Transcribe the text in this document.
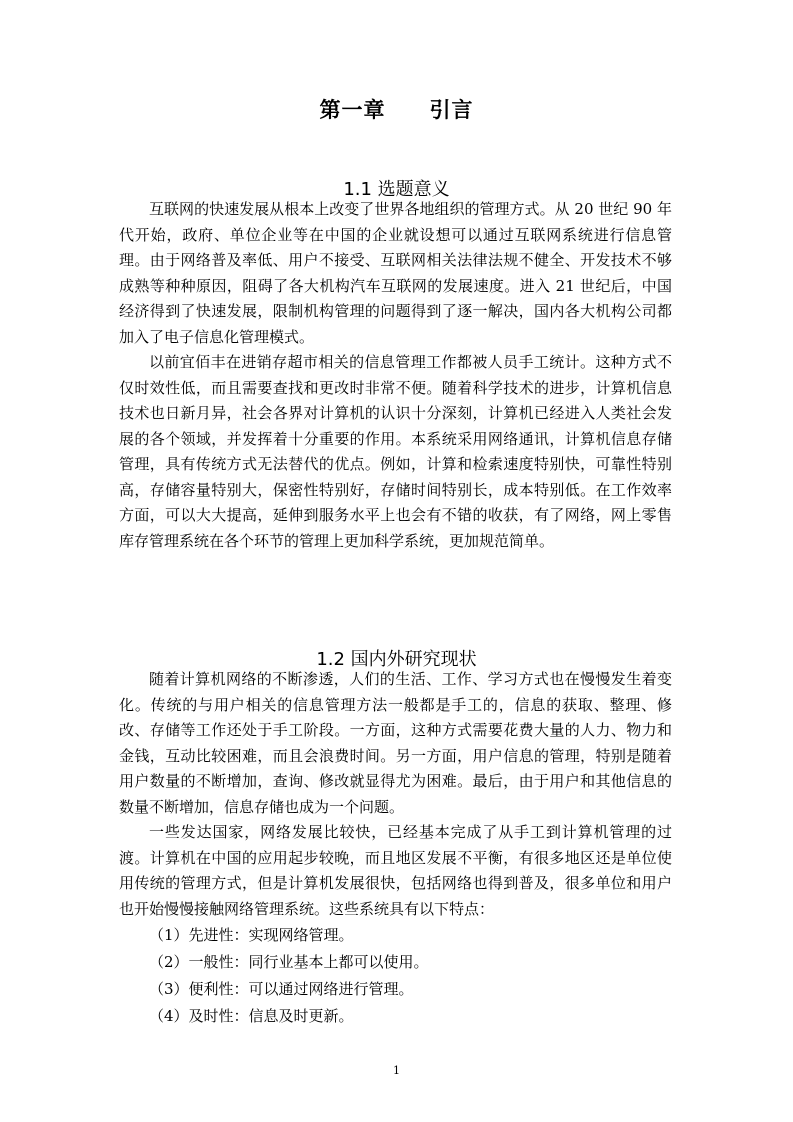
第一章　　引言
1.1 选题意义

互联网的快速发展从根本上改变了世界各地组织的管理方式。从 20 世纪 90 年代开始，政府、单位企业等在中国的企业就设想可以通过互联网系统进行信息管理。由于网络普及率低、用户不接受、互联网相关法律法规不健全、开发技术不够成熟等种种原因，阻碍了各大机构汽车互联网的发展速度。进入 21 世纪后，中国经济得到了快速发展，限制机构管理的问题得到了逐一解决，国内各大机构公司都加入了电子信息化管理模式。

以前宜佰丰在进销存超市相关的信息管理工作都被人员手工统计。这种方式不仅时效性低，而且需要查找和更改时非常不便。随着科学技术的进步，计算机信息技术也日新月异，社会各界对计算机的认识十分深刻，计算机已经进入人类社会发展的各个领域，并发挥着十分重要的作用。本系统采用网络通讯，计算机信息存储管理，具有传统方式无法替代的优点。例如，计算和检索速度特别快，可靠性特别高，存储容量特别大，保密性特别好，存储时间特别长，成本特别低。在工作效率方面，可以大大提高，延伸到服务水平上也会有不错的收获，有了网络，网上零售库存管理系统在各个环节的管理上更加科学系统，更加规范简单。

1.2 国内外研究现状

随着计算机网络的不断渗透，人们的生活、工作、学习方式也在慢慢发生着变化。传统的与用户相关的信息管理方法一般都是手工的，信息的获取、整理、修改、存储等工作还处于手工阶段。一方面，这种方式需要花费大量的人力、物力和金钱，互动比较困难，而且会浪费时间。另一方面，用户信息的管理，特别是随着用户数量的不断增加，查询、修改就显得尤为困难。最后，由于用户和其他信息的数量不断增加，信息存储也成为一个问题。

一些发达国家，网络发展比较快，已经基本完成了从手工到计算机管理的过渡。计算机在中国的应用起步较晚，而且地区发展不平衡，有很多地区还是单位使用传统的管理方式，但是计算机发展很快，包括网络也得到普及，很多单位和用户也开始慢慢接触网络管理系统。这些系统具有以下特点：

（1）先进性：实现网络管理。

（2）一般性：同行业基本上都可以使用。

（3）便利性：可以通过网络进行管理。

（4）及时性：信息及时更新。

1
